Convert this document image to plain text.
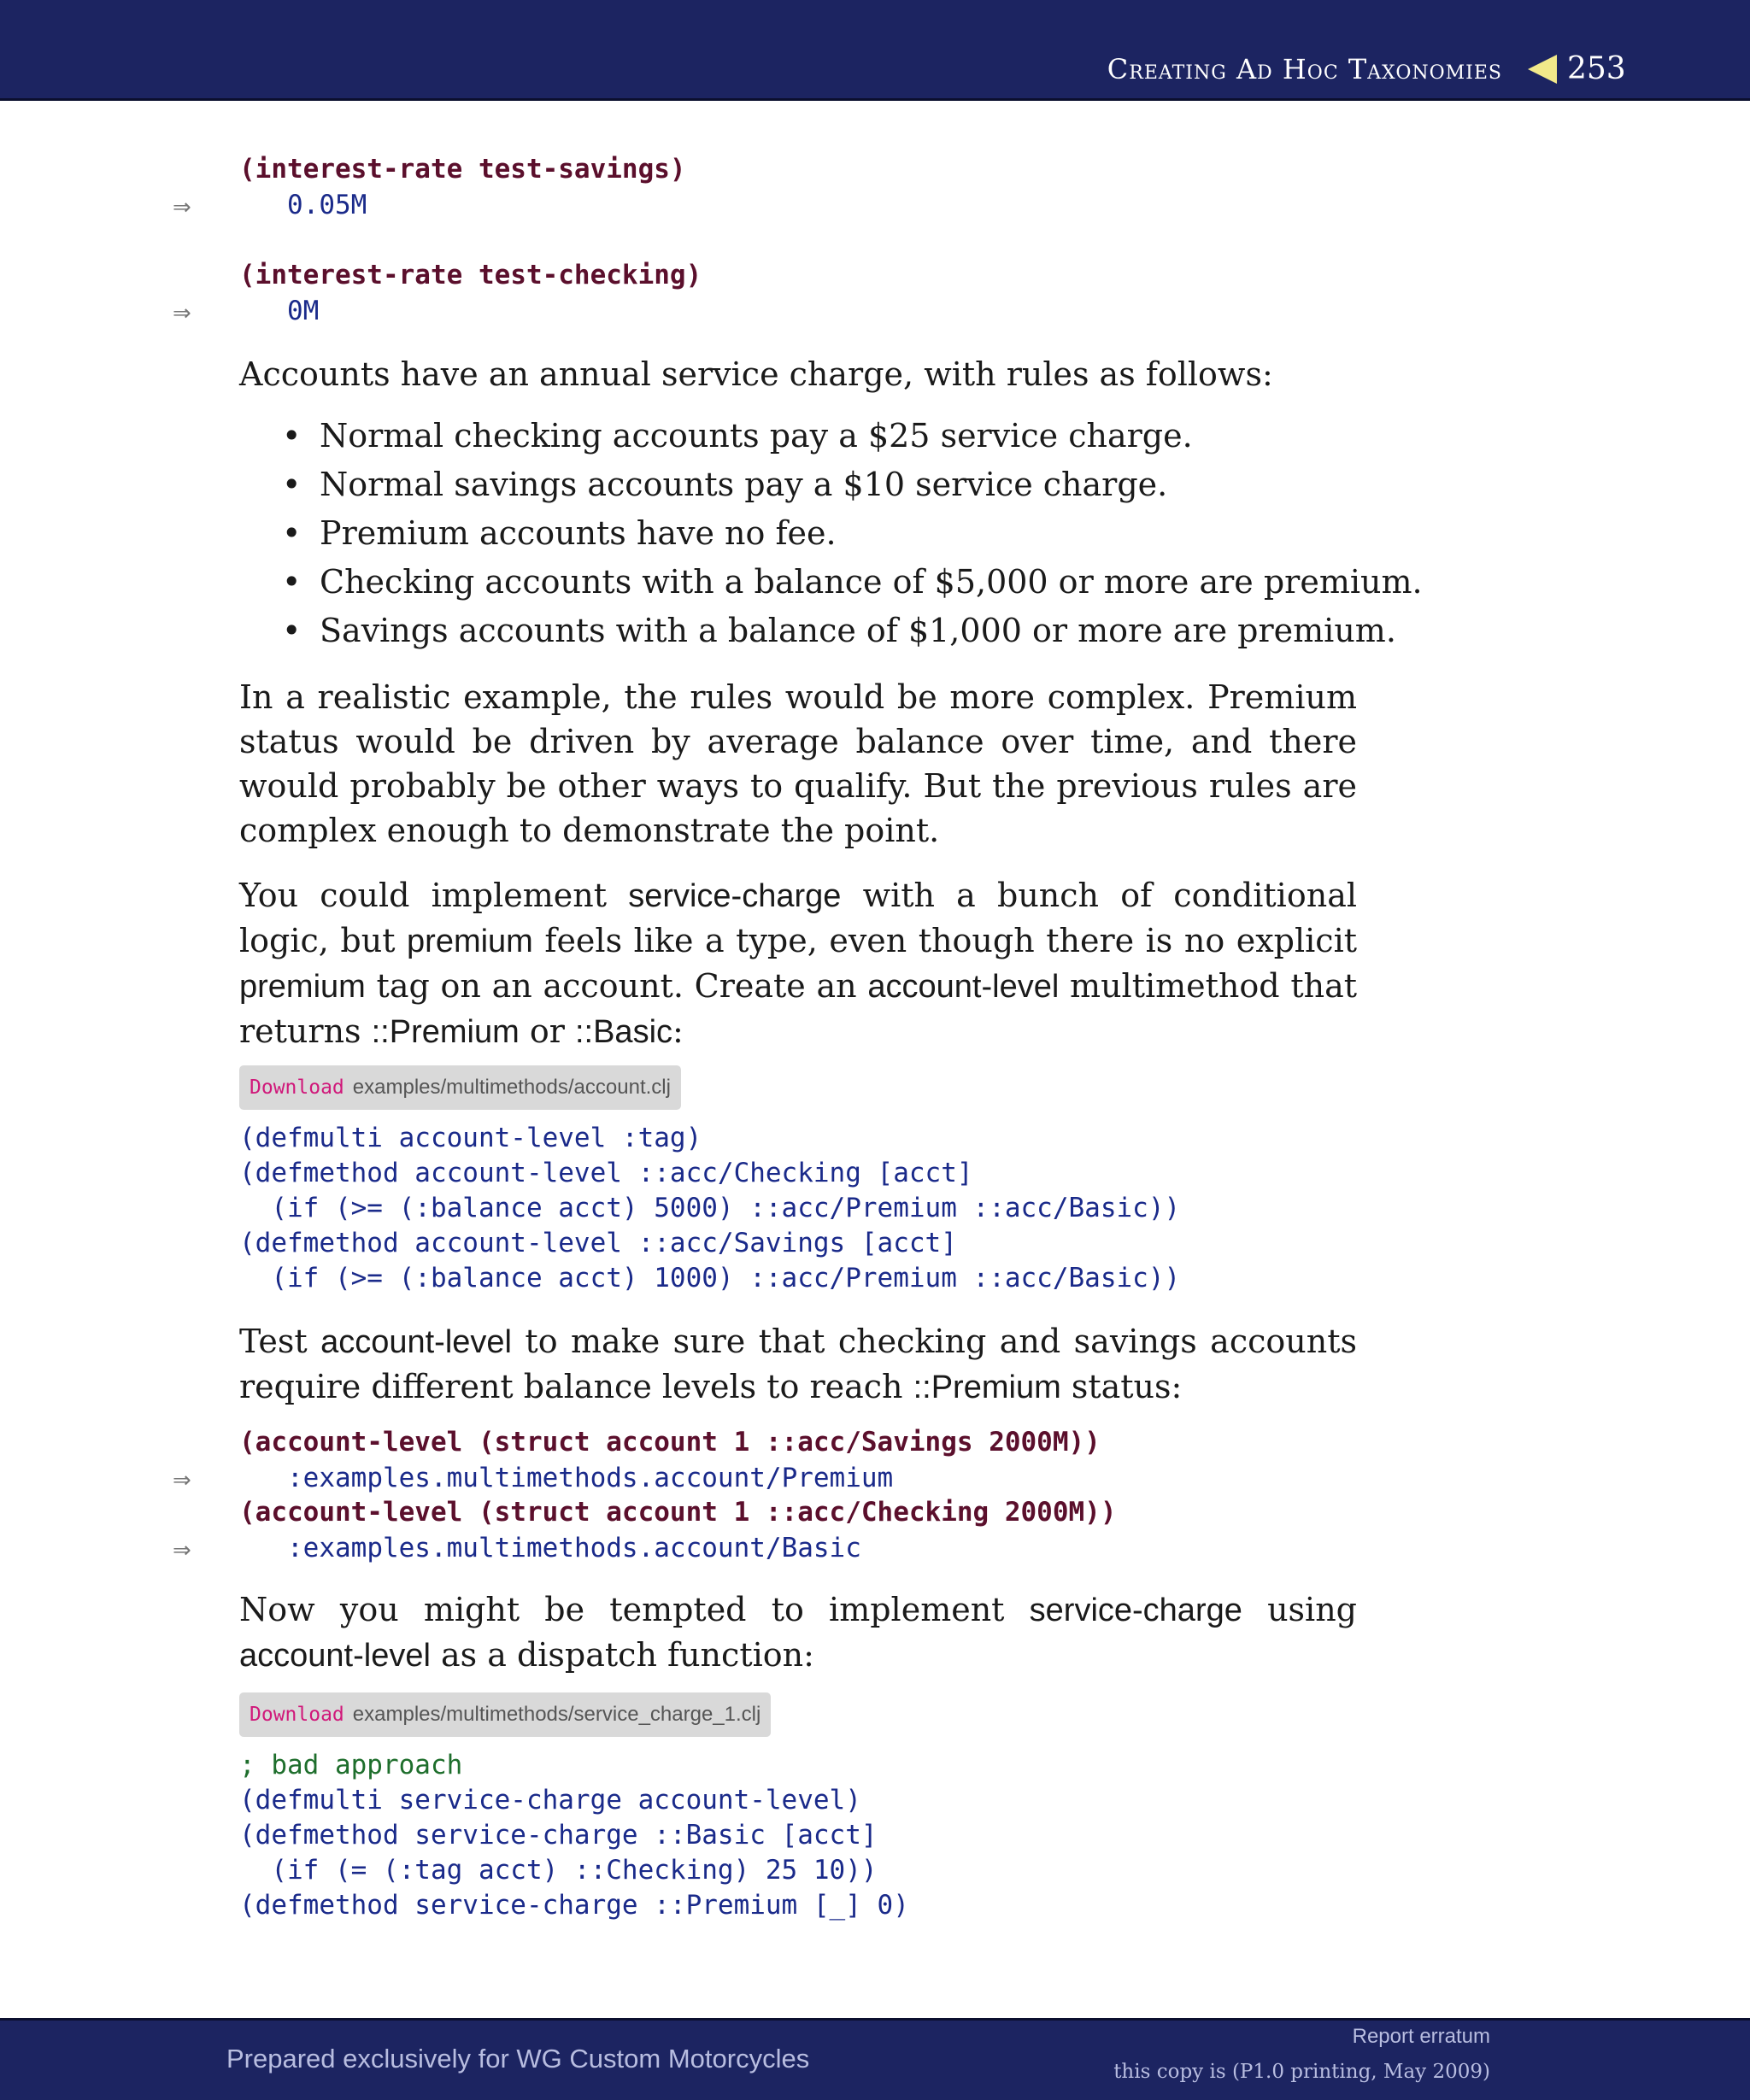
Creating Ad Hoc Taxonomies 253
(interest-rate test-savings)
⇒	0.05M
(interest-rate test-checking)
⇒	0M
Accounts have an annual service charge, with rules as follows:
• Normal checking accounts pay a $25 service charge.
• Normal savings accounts pay a $10 service charge.
• Premium accounts have no fee.
• Checking accounts with a balance of $5,000 or more are premium.
• Savings accounts with a balance of $1,000 or more are premium.
In a realistic example, the rules would be more complex. Premium status would be driven by average balance over time, and there would probably be other ways to qualify. But the previous rules are complex enough to demonstrate the point.
You could implement service-charge with a bunch of conditional logic, but premium feels like a type, even though there is no explicit premium tag on an account. Create an account-level multimethod that returns ::Premium or ::Basic:
Download examples/multimethods/account.clj
(defmulti account-level :tag)
(defmethod account-level ::acc/Checking [acct]
(if (>= (:balance acct) 5000) ::acc/Premium ::acc/Basic))
(defmethod account-level ::acc/Savings [acct]
(if (>= (:balance acct) 1000) ::acc/Premium ::acc/Basic))
Test account-level to make sure that checking and savings accounts require different balance levels to reach ::Premium status:
(account-level (struct account 1 ::acc/Savings 2000M))
⇒	:examples.multimethods.account/Premium
(account-level (struct account 1 ::acc/Checking 2000M))
⇒	:examples.multimethods.account/Basic
Now you might be tempted to implement service-charge using account-level as a dispatch function:
Download examples/multimethods/service_charge_1.clj
; bad approach
(defmulti service-charge account-level)
(defmethod service-charge ::Basic [acct]
(if (= (:tag acct) ::Checking) 25 10))
(defmethod service-charge ::Premium [_] 0)
Prepared exclusively for WG Custom Motorcycles
Report erratum
this copy is (P1.0 printing, May 2009)
